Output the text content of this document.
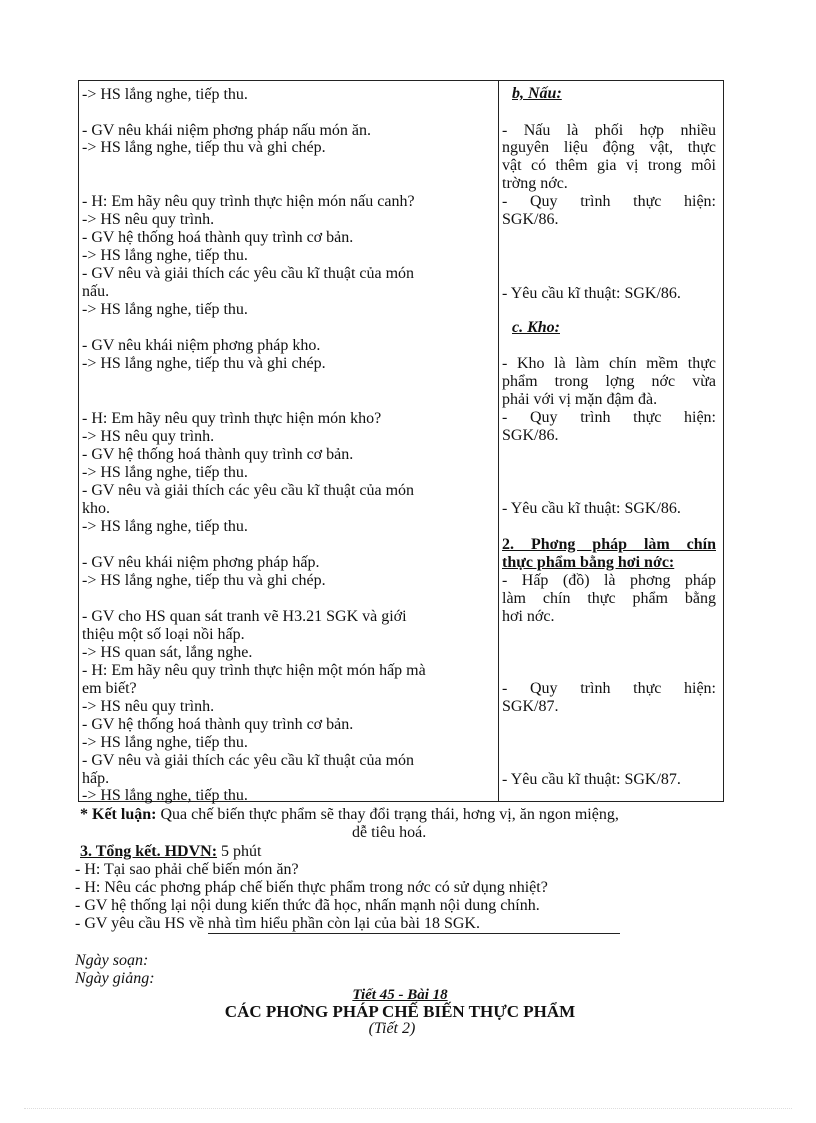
-> HS lắng nghe, tiếp thu.
- GV nêu khái niệm phơng pháp nấu món ăn.
-> HS lắng nghe, tiếp thu và ghi chép.
- H: Em hãy nêu quy trình thực hiện món nấu canh?
-> HS nêu quy trình.
- GV hệ thống hoá thành quy trình cơ bản.
-> HS lắng nghe, tiếp thu.
- GV nêu và giải thích các yêu cầu kĩ thuật của món
nấu.
-> HS lắng nghe, tiếp thu.
- GV nêu khái niệm phơng pháp kho.
-> HS lắng nghe, tiếp thu và ghi chép.
- H: Em hãy nêu quy trình thực hiện món kho?
-> HS nêu quy trình.
- GV hệ thống hoá thành quy trình cơ bản.
-> HS lắng nghe, tiếp thu.
- GV nêu và giải thích các yêu cầu kĩ thuật của món
kho.
-> HS lắng nghe, tiếp thu.
- GV nêu khái niệm phơng pháp hấp.
-> HS lắng nghe, tiếp thu và ghi chép.
- GV cho HS quan sát tranh vẽ H3.21 SGK và giới
thiệu một số loại nồi hấp.
-> HS quan sát, lắng nghe.
- H: Em hãy nêu quy trình thực hiện một món hấp mà
em biết?
-> HS nêu quy trình.
- GV hệ thống hoá thành quy trình cơ bản.
-> HS lắng nghe, tiếp thu.
- GV nêu và giải thích các yêu cầu kĩ thuật của món
hấp.
-> HS lắng nghe, tiếp thu.
b, Nấu:
- Nấu là phối hợp nhiều
nguyên liệu động vật, thực
vật có thêm gia vị trong môi
trờng nớc.
- Quy trình thực hiện:
SGK/86.
- Yêu cầu kĩ thuật: SGK/86.
c. Kho:
- Kho là làm chín mềm thực
phẩm trong lợng nớc vừa
phải với vị mặn đậm đà.
- Quy trình thực hiện:
SGK/86.
- Yêu cầu kĩ thuật: SGK/86.
2. Phơng pháp làm chín
thực phẩm bằng hơi nớc:
- Hấp (đồ) là phơng pháp
làm chín thực phẩm bằng
hơi nớc.
- Quy trình thực hiện:
SGK/87.
- Yêu cầu kĩ thuật: SGK/87.
* Kết luận: Qua chế biến thực phẩm sẽ thay đổi trạng thái, hơng vị, ăn ngon miệng,
dễ tiêu hoá.
3. Tổng kết. HDVN: 5 phút
- H: Tại sao phải chế biến món ăn?
- H: Nêu các phơng pháp chế biến thực phẩm trong nớc có sử dụng nhiệt?
- GV hệ thống lại nội dung kiến thức đã học, nhấn mạnh nội dung chính.
- GV yêu cầu HS về nhà tìm hiểu phần còn lại của bài 18 SGK.
Ngày soạn:
Ngày giảng:
Tiết 45 - Bài 18
CÁC PHƠNG PHÁP CHẾ BIẾN THỰC PHẨM
(Tiết 2)
